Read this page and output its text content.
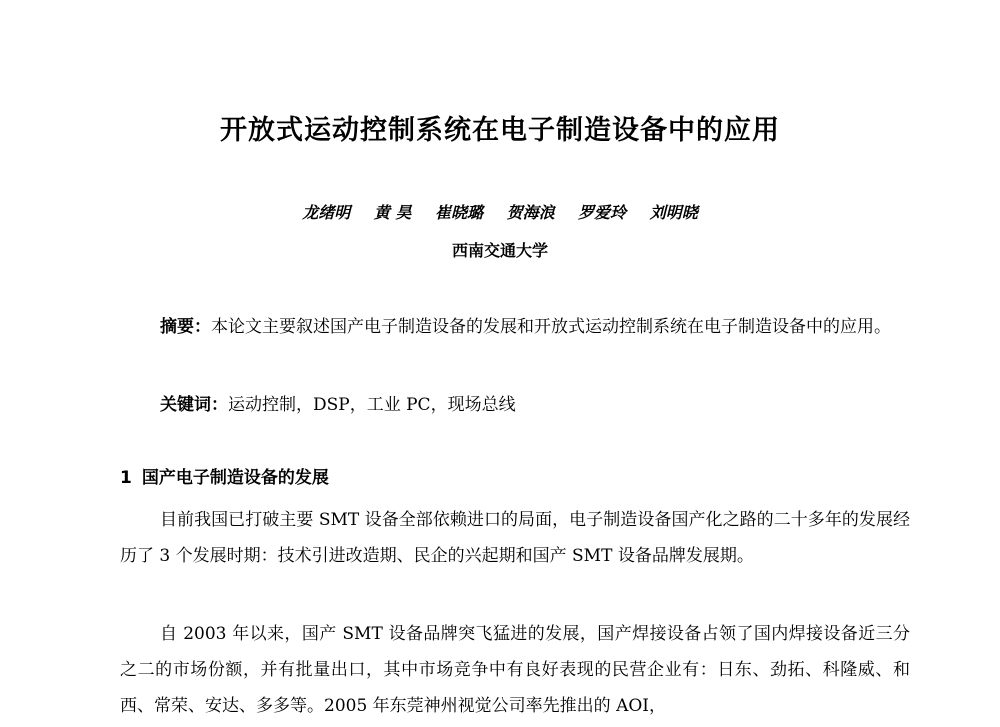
开放式运动控制系统在电子制造设备中的应用
龙绪明 黄 昊 崔晓璐 贺海浪 罗爱玲 刘明晓
西南交通大学

摘要：本论文主要叙述国产电子制造设备的发展和开放式运动控制系统在电子制造设备中的应用。

关键词：运动控制，DSP，工业 PC，现场总线
1 国产电子制造设备的发展

目前我国已打破主要 SMT 设备全部依赖进口的局面，电子制造设备国产化之路的二十多年的发展经历了 3 个发展时期：技术引进改造期、民企的兴起期和国产 SMT 设备品牌发展期。

自 2003 年以来，国产 SMT 设备品牌突飞猛进的发展，国产焊接设备占领了国内焊接设备近三分之二的市场份额，并有批量出口，其中市场竞争中有良好表现的民营企业有：日东、劲拓、科隆威、和西、常荣、安达、多多等。2005 年东莞神州视觉公司率先推出的 AOI，
